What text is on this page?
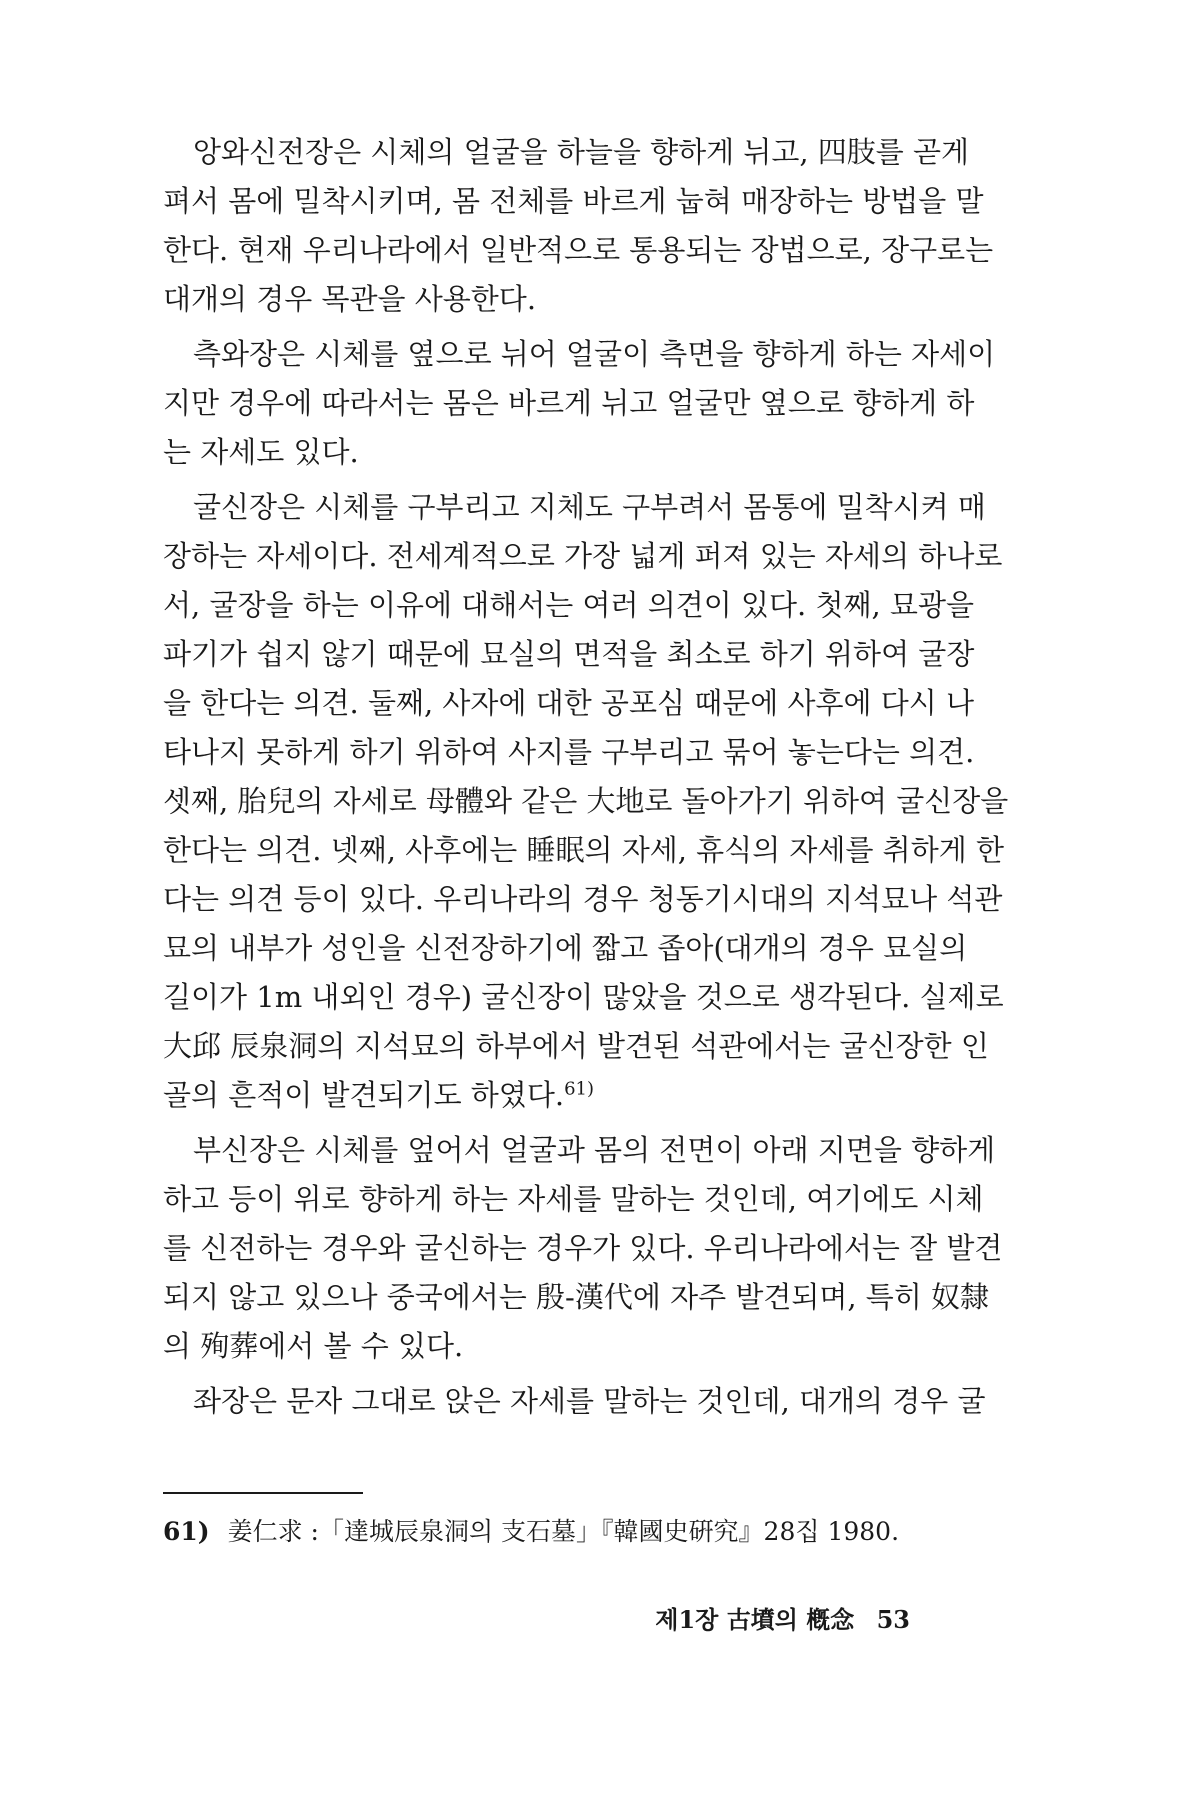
앙와신전장은 시체의 얼굴을 하늘을 향하게 뉘고, 四肢를 곧게
펴서 몸에 밀착시키며, 몸 전체를 바르게 눕혀 매장하는 방법을 말
한다. 현재 우리나라에서 일반적으로 통용되는 장법으로, 장구로는
대개의 경우 목관을 사용한다.
측와장은 시체를 옆으로 뉘어 얼굴이 측면을 향하게 하는 자세이
지만 경우에 따라서는 몸은 바르게 뉘고 얼굴만 옆으로 향하게 하
는 자세도 있다.
굴신장은 시체를 구부리고 지체도 구부려서 몸통에 밀착시켜 매
장하는 자세이다. 전세계적으로 가장 넓게 퍼져 있는 자세의 하나로
서, 굴장을 하는 이유에 대해서는 여러 의견이 있다. 첫째, 묘광을
파기가 쉽지 않기 때문에 묘실의 면적을 최소로 하기 위하여 굴장
을 한다는 의견. 둘째, 사자에 대한 공포심 때문에 사후에 다시 나
타나지 못하게 하기 위하여 사지를 구부리고 묶어 놓는다는 의견.
셋째, 胎兒의 자세로 母體와 같은 大地로 돌아가기 위하여 굴신장을
한다는 의견. 넷째, 사후에는 睡眠의 자세, 휴식의 자세를 취하게 한
다는 의견 등이 있다. 우리나라의 경우 청동기시대의 지석묘나 석관
묘의 내부가 성인을 신전장하기에 짧고 좁아(대개의 경우 묘실의
길이가 1m 내외인 경우) 굴신장이 많았을 것으로 생각된다. 실제로
大邱 辰泉洞의 지석묘의 하부에서 발견된 석관에서는 굴신장한 인
골의 흔적이 발견되기도 하였다.$^{61)}$
부신장은 시체를 엎어서 얼굴과 몸의 전면이 아래 지면을 향하게
하고 등이 위로 향하게 하는 자세를 말하는 것인데, 여기에도 시체
를 신전하는 경우와 굴신하는 경우가 있다. 우리나라에서는 잘 발견
되지 않고 있으나 중국에서는 殷-漢代에 자주 발견되며, 특히 奴隸
의 殉葬에서 볼 수 있다.
좌장은 문자 그대로 앉은 자세를 말하는 것인데, 대개의 경우 굴
61) 姜仁求 :「達城辰泉洞의 支石墓」『韓國史硏究』28집 1980.
제1장 古墳의 槪念 53
